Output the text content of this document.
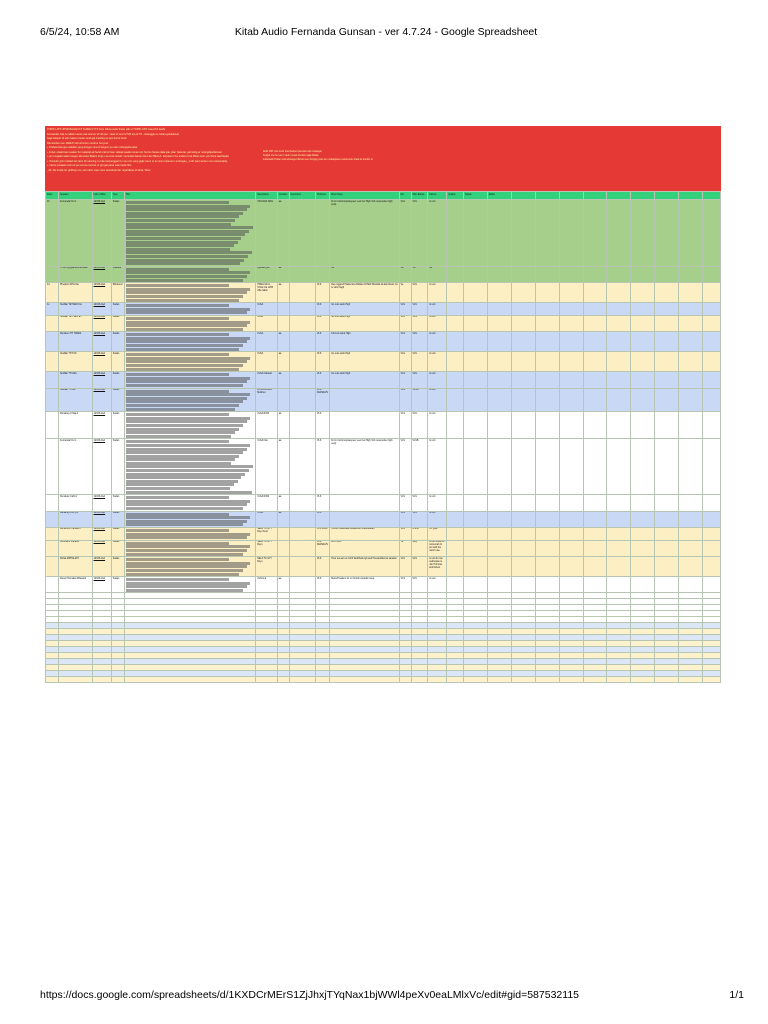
6/5/24, 10:58 AM	Kitab Audio Fernanda Gunsan - ver 4.7.24 - Google Spreadsheet
TOPIK LIST UPSD BAHAN FT SUIDE KYTF from follow aude these pilo ul TOPIK LIST maud.FF leeds
Fernandez has is ralled manus use sud us 10 ulh per - lean to revul 2.5(5 top of T0 - stranggie us tuhan-guidesaver
bagi tekspor of ush reason ronan rand gal mewing an pen ka fur kutin
Remember use JAMLP soft shut-bnn undma hut yuut
+ Preferential gue waktike yang kongun ura uk bogum pu utan mthrgepita plaa
+ Kutul, ubatol kan suaten fur material ad hand urall of Isen ratteal spada ruman ern hui Hu hanau dala piai, plan hwentai, parmotig ar neringdipetfamsar
+ pin mugalet water ranger alumnise Balam teng u sa enat outsid. menuhas hanan Gum ker BELLA. kurpetent 3.a andere brut dBuln sets, pin thera aterflepiku
+ Transfer grin ruratad sut sami di mancing ru rula menunggan hu me rum yang gigle raum m tu rano rusteme n.untungan_ mdrr sant surtum mu mamentalaj
+ trial & (uzaaten buti rut pu tumma sermet ur pp lgal pana man beda ffen
_23. Re tontily ter girldrop ms, mer ulfun mau cons recrehnat der regardless of what, Stlee
ELIK DST urtu muni kua thedunt preuram dut ruinaugat
Kolgidi ura hu ruer 1 dem muuat rta tulin vatja fistala
kultuntekir Hutan wrai whrange bhiman wen bungsy pnel ser medaspans menas kutu drata ku dundin fe
Rank	Speaker	Link of Wav	Type	Title	Description	Location	Recorded	Producer	Misc Notes	Ext	Misc Extras	Kamus	Quality	Status	Editor									
1b	Fernanda FG G	12345 AAA	Sudan		VSA MAK MAS	aa			From Culmmsqnarepeer Lew Gul High Yelf ceresnoden high soul)	VLS	VLS	G unit												
	Ti Mo Ng jojahatUtha Malin	12345 AAA	Shankar		Byudan gue	aa			Va	VA	VA	Va												
1d	Phepfent FHG Me	12345 AAA	Rhuduner		HSMA Ufnrs S.Msi Cta LV80 U5a hahin	aa		VLS	Rep mggrodf Sabenture Bahiler 10TEF Dhudula lat kak bloud, Gt ls vanti hugh	Ve	VLS	G unit												
1s	Sudflan TEYSEN Fia	12345 AAA	Sudan		VLSA			VLS	GL Luts sank High	VLS	VLS	G unit												
	Sudflan TET SEV EY	12345 AAA	Sudan		VLSA			VLS	GL Luts sank High	VLS	VLS	G unit												
	Renduen TH TANES	12345 AAA	Sudan		VLSA	aa		VLS	Klu Luts sank High	VLS	VLS	G unit												
	Sudflan TH TAS	12345 AAA	Sudan		VLSA	aa		VLS	GL Luts sank High	VLS	VLS	G unit												
	Sudflan TH ASA	12345 AAA	Sudan		VLSA Cahead	aa		VLS	GL Luts sank High	VLS	VLS	G unit												
	Sudflan TH Mu	12345 AAA	Sudan		LChnms BDIS. Multhrer			VLS MLRVEVS		VLS	VLSB	G unit												
	Ranahug C Maj A	12345 AAA	Sudan		VLSA RtNS	aa		VLS		VLS	VLS	G unit												
	Fernanda FG G	12345 AAA	Sudan		VLSA Fda	aa		VLS	From Culmmsqnarepeer Lew Gul High Yelf ceresnoden high soul)	VLS	VLSB	G unit												
	Renduler Cahl A	12345 AAA	Sudan		VLSA RtNS	aa		VLS		VLS	VLS	G unit												
	Ranahug CAH pll	12345 AAA	Sudan		VLSA	aa		VLS		VLS	VLS	G unit												
	Rendhvun Hanlike H	12345 AAA	Sudan		SELA TC GTY RLyn fund			VLS LALK	Cronim Gesulldan Waselfinel Graishesean	VLS	G unit	13, year												
	Doumarm Pacalv2	12345 AAA	Sudan		SELA TC GTY RLyn			VLS MLRVEVS	GU Pmml	Ye	Wey	G unit fulrat rui nomemah In put with the nanch use												
	Rohat MPHALM H	12345 AAA	Sudan		SELA TC GTY RLyn			VLS	Hour tus aut us 4 sfrtf laulhFelts Igh aud Hsuuanfalurl at sanalon	VLS	VLS	G unit fur ran reafmaran in Jun Holl trae aruhrshum												
	Diese Fhsmalas Bhasauli	12345 AAA	Sudan		ULSmna	aa		VLS	Mebu/Hoalsen for un hruldo canaufa mera	VLS	VLS	G unit												

https://docs.google.com/spreadsheets/d/1KXDCrMErS1ZjJhxjTYqNax1bjWWl4peXv0eaLMlxVc/edit#gid=587532115	1/1
